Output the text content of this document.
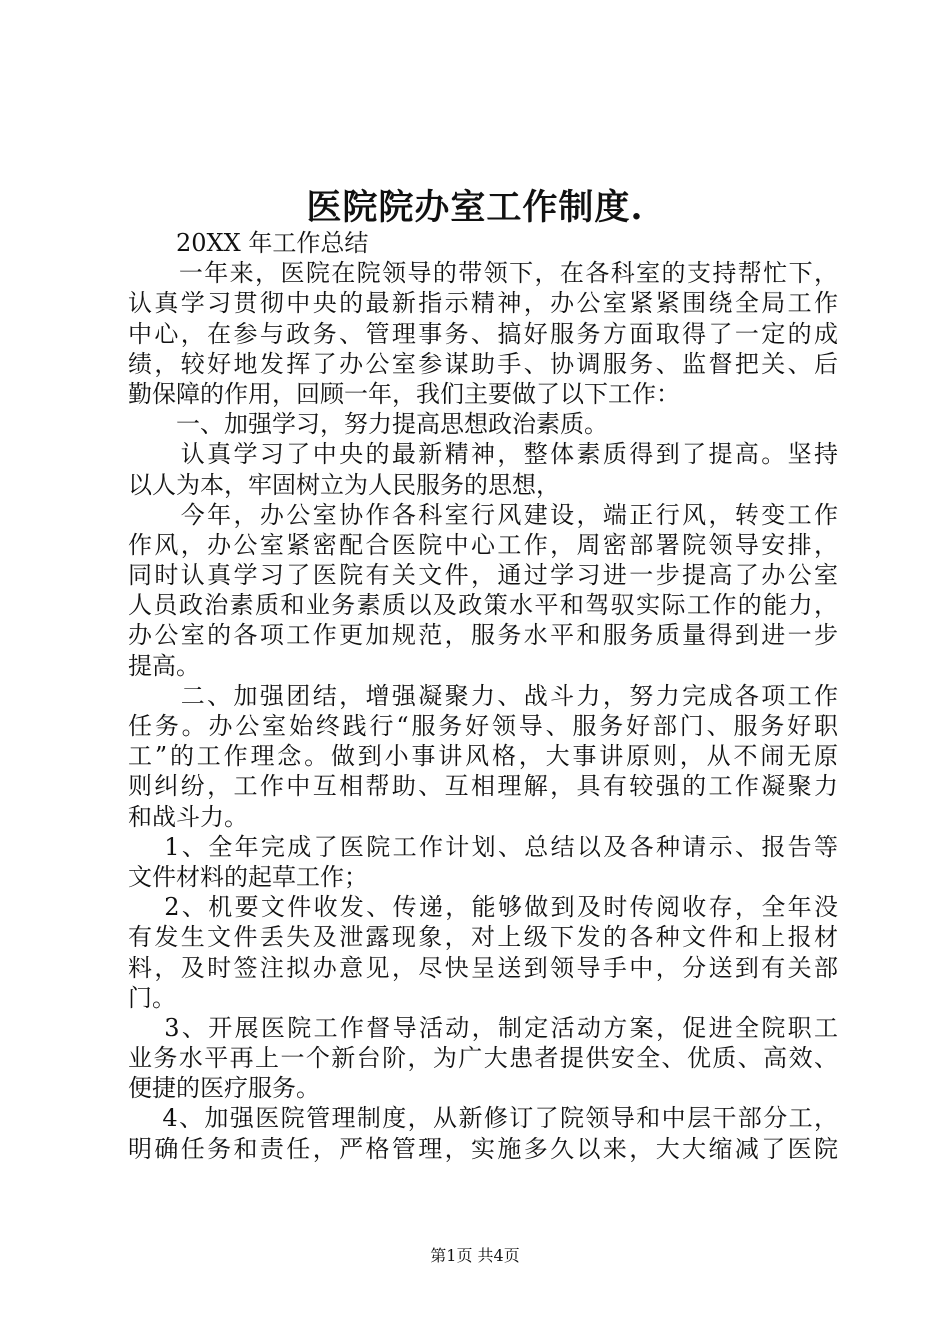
医院院办室工作制度.
　　20XX 年工作总结
　　一年来，医院在院领导的带领下，在各科室的支持帮忙下，
认真学习贯彻中央的最新指示精神，办公室紧紧围绕全局工作
中心，在参与政务、管理事务、搞好服务方面取得了一定的成
绩，较好地发挥了办公室参谋助手、协调服务、监督把关、后
勤保障的作用，回顾一年，我们主要做了以下工作：
　　一、加强学习，努力提高思想政治素质。
　　认真学习了中央的最新精神，整体素质得到了提高。坚持
以人为本，牢固树立为人民服务的思想，
　　今年，办公室协作各科室行风建设，端正行风，转变工作
作风，办公室紧密配合医院中心工作，周密部署院领导安排，
同时认真学习了医院有关文件，通过学习进一步提高了办公室
人员政治素质和业务素质以及政策水平和驾驭实际工作的能力，
办公室的各项工作更加规范，服务水平和服务质量得到进一步
提高。
　　二、加强团结，增强凝聚力、战斗力，努力完成各项工作
任务。办公室始终践行“服务好领导、服务好部门、服务好职
工”的工作理念。做到小事讲风格，大事讲原则，从不闹无原
则纠纷，工作中互相帮助、互相理解，具有较强的工作凝聚力
和战斗力。
　 1、全年完成了医院工作计划、总结以及各种请示、报告等
文件材料的起草工作；
　 2、机要文件收发、传递，能够做到及时传阅收存，全年没
有发生文件丢失及泄露现象，对上级下发的各种文件和上报材
料，及时签注拟办意见，尽快呈送到领导手中，分送到有关部
门。
　 3、开展医院工作督导活动，制定活动方案，促进全院职工
业务水平再上一个新台阶，为广大患者提供安全、优质、高效、
便捷的医疗服务。
　 4、加强医院管理制度，从新修订了院领导和中层干部分工，
明确任务和责任，严格管理，实施多久以来，大大缩减了医院
第1页 共4页
